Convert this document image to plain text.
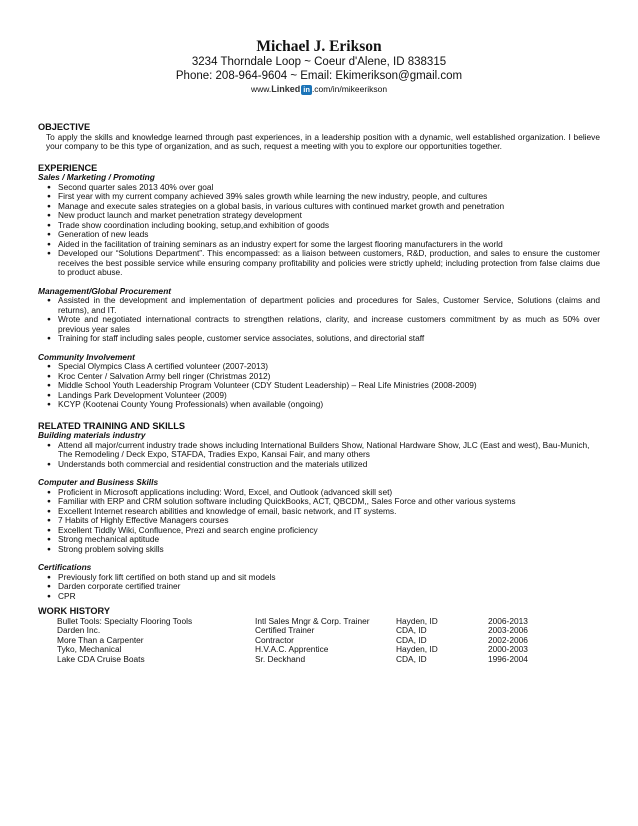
Michael J. Erikson
3234 Thorndale Loop ~ Coeur d'Alene, ID 838315
Phone: 208-964-9604 ~ Email: Ekimerikson@gmail.com
www.Linked in .com/in/mikeerikson
OBJECTIVE

To apply the skills and knowledge learned through past experiences, in a leadership position with a dynamic, well established organization. I believe your company to be this type of organization, and as such, request a meeting with you to explore our opportunities together.

EXPERIENCE
Sales / Marketing / Promoting
● Second quarter sales 2013 40% over goal
● First year with my current company achieved 39% sales growth while learning the new industry, people, and cultures
● Manage and execute sales strategies on a global basis, in various cultures with continued market growth and penetration
● New product launch and market penetration strategy development
● Trade show coordination including booking, setup,and exhibition of goods
● Generation of new leads
● Aided in the facilitation of training seminars as an industry expert for some the largest flooring manufacturers in the world
● Developed our “Solutions Department”. This encompassed: as a liaison between customers, R&D, production, and sales to ensure the customer receives the best possible service while ensuring company profitability and policies were strictly upheld; including protection from false claims due to product abuse.
Management/Global Procurement
● Assisted in the development and implementation of department policies and procedures for Sales, Customer Service, Solutions (claims and returns), and IT.
● Wrote and negotiated international contracts to strengthen relations, clarity, and increase customers commitment by as much as 50% over previous year sales
● Training for staff including sales people, customer service associates, solutions, and directorial staff
Community Involvement
● Special Olympics Class A certified volunteer (2007-2013)
● Kroc Center / Salvation Army bell ringer (Christmas 2012)
● Middle School Youth Leadership Program Volunteer (CDY Student Leadership) – Real Life Ministries (2008-2009)
● Landings Park Development Volunteer (2009)
● KCYP (Kootenai County Young Professionals) when available (ongoing)
RELATED TRAINING AND SKILLS
Building materials industry
● Attend all major/current industry trade shows including International Builders Show, National Hardware Show, JLC (East and west), Bau-Munich, The Remodeling / Deck Expo, STAFDA, Tradies Expo, Kansai Fair, and many others
● Understands both commercial and residential construction and the materials utilized
Computer and Business Skills
● Proficient in Microsoft applications including: Word, Excel, and Outlook (advanced skill set)
● Familiar with ERP and CRM solution software including QuickBooks, ACT, QBCDM,, Sales Force and other various systems
● Excellent Internet research abilities and knowledge of email, basic network, and IT systems.
● 7 Habits of Highly Effective Managers courses
● Excellent Tiddly Wiki, Confluence, Prezi and search engine proficiency
● Strong mechanical aptitude
● Strong problem solving skills
Certifications
● Previously fork lift certified on both stand up and sit models
● Darden corporate certified trainer
● CPR
WORK HISTORY
Bullet Tools: Specialty Flooring Tools	Intl Sales Mngr & Corp. Trainer	Hayden, ID	2006-2013
Darden Inc.	Certified Trainer	CDA, ID	2003-2006
More Than a Carpenter	Contractor	CDA, ID	2002-2006
Tyko, Mechanical	H.V.A.C. Apprentice	Hayden, ID	2000-2003
Lake CDA Cruise Boats	Sr. Deckhand	CDA, ID	1996-2004
